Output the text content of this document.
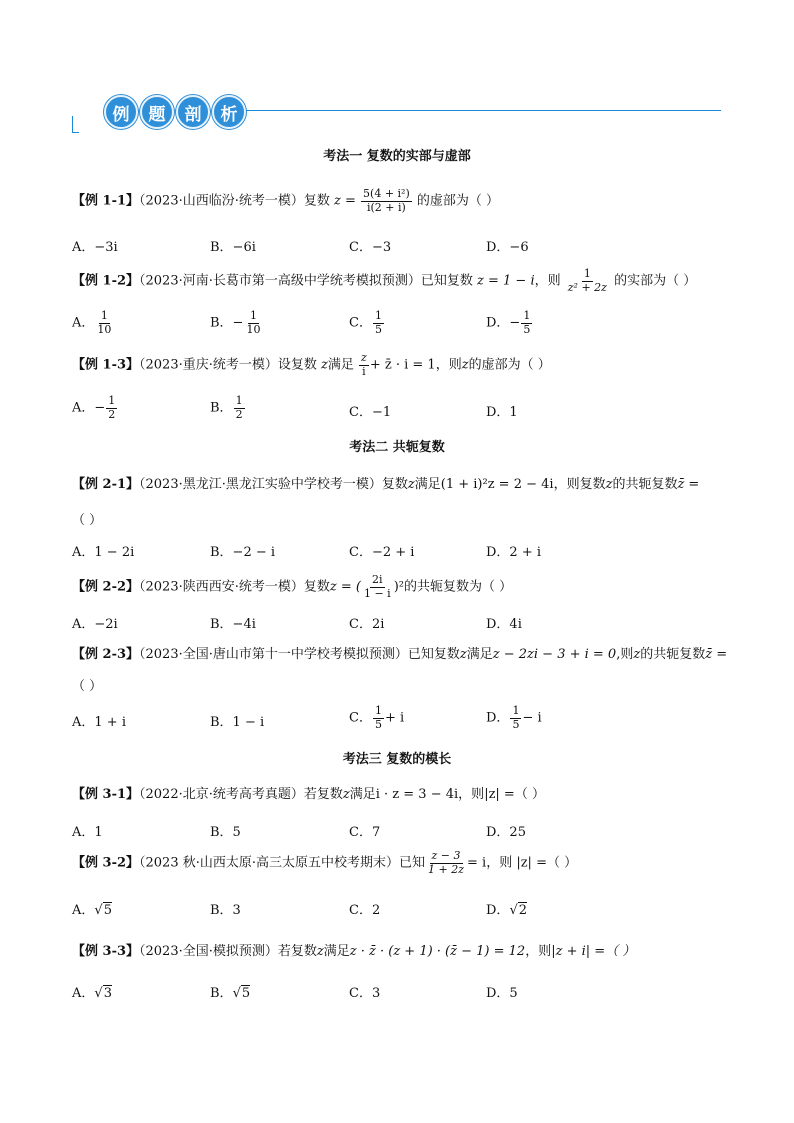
例	题	剖	析
考法一 复数的实部与虚部
【例 1-1】（2023·山西临汾·统考一模）复数 $z = \frac{\text{5(4 + i²)}}{i(2 + i)}$ 的虚部为（ ）
A．−3i	B．−6i	C．−3	D．−6
【例 1-2】（2023·河南·长葛市第一高级中学统考模拟预测）已知复数 z = 1 − i，则 $\frac{1}{\text{z² + 2z}}$ 的实部为（ ）
A． $\frac{1}{10}$	B．− $\frac{1}{10}$	C． $\frac{1}{5}$	D．− $\frac{1}{5}$
【例 1-3】（2023·重庆·统考一模）设复数 z满足 $\frac{z}{i}$ + z̄ · i = 1，则z的虚部为（ ）
A．− $\frac{1}{2}$	B． $\frac{1}{2}$	C．−1	D．1
考法二 共轭复数
【例 2-1】（2023·黑龙江·黑龙江实验中学校考一模）复数z满足(1 + i)²z = 2 − 4i，则复数z的共轭复数z̄ =
（ ）
A．1 − 2i	B．−2 − i	C．−2 + i	D．2 + i
【例 2-2】（2023·陕西西安·统考一模）复数z = ( $\frac{2i}{1 - i} )^2$的共轭复数为（ ）
A．−2i	B．−4i	C．2i	D．4i
【例 2-3】（2023·全国·唐山市第十一中学校考模拟预测）已知复数z满足z − 2zi − 3 + i = 0,则z的共轭复数z̄ =
（ ）
A．1 + i	B．1 − i	C． $\frac{1}{5} + i$	D． $\frac{1}{5} - i$
考法三 复数的模长
【例 3-1】（2022·北京·统考高考真题）若复数z满足i · z = 3 − 4i，则|z| =（ ）
A．1	B．5	C．7	D．25
【例 3-2】（2023 秋·山西太原·高三太原五中校考期末）已知 $\frac{z - 3}{1 + 2z} = i$，则 |z| =（ ）
A．√5	B．3	C．2	D．√2
【例 3-3】（2023·全国·模拟预测）若复数z满足z · z̄ · (z + 1) · (z̄ − 1) = 12，则|z + i| =（ ）
A．√3	B．√5	C．3	D．5
